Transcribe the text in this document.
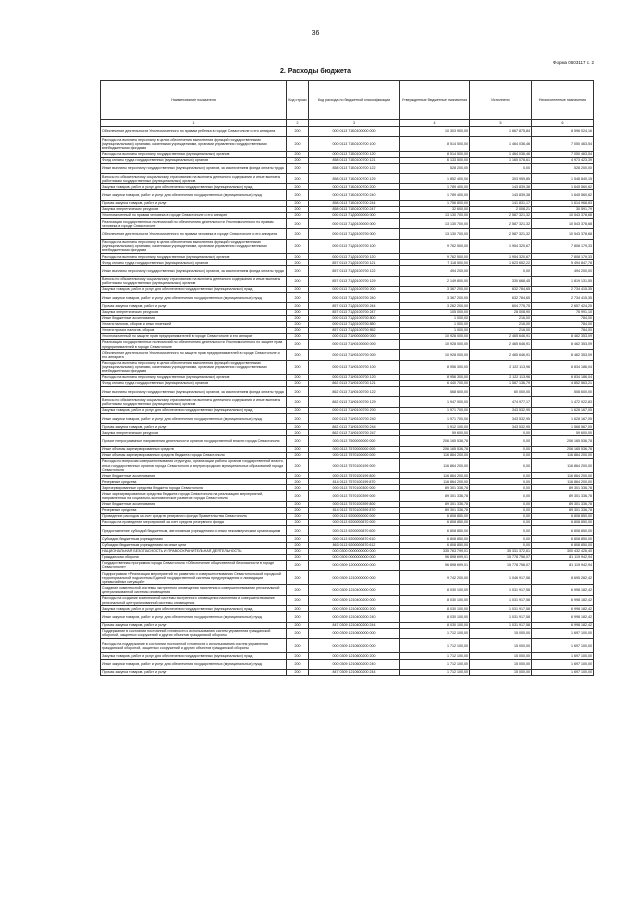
36
Форма 0503117 с. 2
2. Расходы бюджета
Наименование показателя	Код строки	Код расхода по бюджетной классификации	Утвержденные бюджетные назначения	Исполнено	Неисполненные назначения
1	2	3	4	5	6
Обеспечение деятельности Уполномоченного по правам ребенка в городе Севастополе и его аппарата	200	000 0113 71Б0100000 000	10 303 900,00	1 667 875,84	8 596 024,16
Расходы на выплаты персоналу в целях обеспечения выполнения функций государственными (муниципальными) органами, казенными учреждениями, органами управления государственными внебюджетными фондами	200	000 0113 71Б0100700 100	8 514 500,00	1 464 036,46	7 050 463,54
Расходы на выплаты персоналу государственных (муниципальных) органов	200	000 0113 71Б0100700 120	8 514 500,00	1 464 036,46	7 050 463,54
Фонд оплаты труда государственных (муниципальных) органов	200	858 0113 71Б0100700 121	6 133 500,00	1 160 078,61	4 973 423,39
Иные выплаты персоналу государственных (муниципальных) органов, за исключением фонда оплаты труда	200	858 0113 71Б0100700 122	528 200,00	0,00	528 200,00
Взносы по обязательному социальному страхованию на выплаты денежного содержания и иные выплаты работникам государственных (муниципальных) органов	200	858 0113 71Б0100700 129	1 852 400,00	303 959,85	1 548 840,15
Закупка товаров, работ и услуг для обеспечения государственных (муниципальных) нужд	200	000 0113 71Б0100700 200	1 789 400,00	143 839,38	1 645 560,62
Иные закупки товаров, работ и услуг для обеспечения государственных (муниципальных) нужд	200	000 0113 71Б0100700 240	1 789 400,00	143 839,38	1 645 560,62
Прочая закупка товаров, работ и услуг	200	858 0113 71Б0100700 244	1 756 800,00	141 831,17	1 614 968,83
Закупка энергетических ресурсов	200	858 0113 71Б0100700 247	32 600,00	2 008,21	30 591,79
Уполномоченный по правам человека в городе Севастополе и его аппарат	200	000 0113 71Д0000000 000	13 130 700,00	2 587 321,32	10 543 378,68
Реализация государственных полномочий по обеспечению деятельности Уполномоченного по правам человека в городе Севастополе	200	000 0113 71Д0100000 000	13 130 700,00	2 587 321,32	10 543 378,68
Обеспечение деятельности Уполномоченного по правам человека в городе Севастополе и его аппарата	200	000 0113 71Д0100700 000	13 130 700,00	2 587 321,32	10 543 378,68
Расходы на выплаты персоналу в целях обеспечения выполнения функций государственными (муниципальными) органами, казенными учреждениями, органами управления государственными внебюджетными фондами	200	000 0113 71Д0100700 100	9 762 500,00	1 954 320,67	7 808 179,33
Расходы на выплаты персоналу государственных (муниципальных) органов	200	000 0113 71Д0100700 120	9 762 500,00	1 954 320,67	7 808 179,33
Фонд оплаты труда государственных (муниципальных) органов	200	857 0113 71Д0100700 121	7 118 500,00	1 623 652,22	5 494 847,78
Иные выплаты персоналу государственных (муниципальных) органов, за исключением фонда оплаты труда	200	857 0113 71Д0100700 122	494 200,00	0,00	494 200,00
Взносы по обязательному социальному страхованию на выплаты денежного содержания и иные выплаты работникам государственных (муниципальных) органов	200	857 0113 71Д0100700 129	2 149 800,00	330 668,45	1 819 131,55
Закупка товаров, работ и услуг для обеспечения государственных (муниципальных) нужд	200	000 0113 71Д0100700 200	3 367 200,00	632 784,65	2 734 415,35
Иные закупки товаров, работ и услуг для обеспечения государственных (муниципальных) нужд	200	000 0113 71Д0100700 240	3 367 200,00	632 784,65	2 734 415,35
Прочая закупка товаров, работ и услуг	200	857 0113 71Д0100700 244	3 262 200,00	604 775,75	2 657 424,25
Закупка энергетических ресурсов	200	857 0113 71Д0100700 247	105 000,00	28 008,90	76 991,10
Иные бюджетные ассигнования	200	000 0113 71Д0100700 800	1 000,00	216,00	784,00
Уплата налогов, сборов и иных платежей	200	000 0113 71Д0100700 850	1 000,00	216,00	784,00
Уплата прочих налогов, сборов	200	857 0113 71Д0100700 852	1 000,00	216,00	784,00
Уполномоченный по защите прав предпринимателей в городе Севастополе и его аппарат	200	000 0113 71И0000000 000	10 928 000,00	2 465 646,91	8 462 353,09
Реализация государственных полномочий по обеспечению деятельности Уполномоченного по защите прав предпринимателей в городе Севастополе	200	000 0113 71И0100000 000	10 928 000,00	2 465 646,91	8 462 353,09
Обеспечение деятельности Уполномоченного по защите прав предпринимателей в городе Севастополе и его аппарата	200	000 0113 71И0100700 000	10 928 000,00	2 465 646,91	8 462 353,09
Расходы на выплаты персоналу в целях обеспечения выполнения функций государственными (муниципальными) органами, казенными учреждениями, органами управления государственными внебюджетными фондами	200	000 0113 71И0100700 100	8 956 300,00	2 122 113,96	6 834 186,04
Расходы на выплаты персоналу государственных (муниципальных) органов	200	000 0113 71И0100700 120	8 956 300,00	2 122 113,96	6 834 186,04
Фонд оплаты труда государственных (муниципальных) органов	200	862 0113 71И0100700 121	6 440 700,00	1 587 136,79	4 852 563,21
Иные выплаты персоналу государственных (муниципальных) органов, за исключением фонда оплаты труда	200	862 0113 71И0100700 122	568 600,00	60 000,00	508 600,00
Взносы по обязательному социальному страхованию на выплаты денежного содержания и иные выплаты работникам государственных (муниципальных) органов	200	862 0113 71И0100700 129	1 947 000,00	474 977,17	1 472 022,83
Закупка товаров, работ и услуг для обеспечения государственных (муниципальных) нужд	200	000 0113 71И0100700 200	1 971 700,00	343 532,95	1 628 167,05
Иные закупки товаров, работ и услуг для обеспечения государственных (муниципальных) нужд	200	000 0113 71И0100700 240	1 971 700,00	343 532,95	1 628 167,05
Прочая закупка товаров, работ и услуг	200	862 0113 71И0100700 244	1 912 100,00	343 532,95	1 568 567,05
Закупка энергетических ресурсов	200	862 0113 71И0100700 247	59 600,00	0,00	59 600,00
Прочие непрограммные направления деятельности органов государственной власти города Севастополя	200	000 0113 7500000000 000	206 165 536,78	0,00	206 165 536,78
Иные объемы зарезервированных средств	200	000 0113 7570000000 000	206 165 536,78	0,00	206 165 536,78
Иные объемы зарезервированных средств бюджета города Севастополя	200	000 0113 7570100000 000	116 864 200,00	0,00	116 864 200,00
Расходы по вопросам совершенствования структуры, организации работы органов государственной власти, иных государственных органов города Севастополя и внутригородских муниципальных образований города Севастополя	200	000 0113 7570100199 000	116 864 200,00	0,00	116 864 200,00
Иные бюджетные ассигнования	200	000 0113 7570100199 800	116 864 200,00	0,00	116 864 200,00
Резервные средства	200	814 0113 7570100199 870	116 864 200,00	0,00	116 864 200,00
Зарезервированные средства бюджета города Севастополя	200	000 0113 7570100300 000	89 301 336,78	0,00	89 301 336,78
Иные зарезервированные средства бюджета города Севастополя на реализацию мероприятий, направленных на социально-экономическое развитие города Севастополя	200	000 0113 7570100399 000	89 301 336,78	0,00	89 301 336,78
Иные бюджетные ассигнования	200	000 0113 7570100399 800	89 301 336,78	0,00	89 301 336,78
Резервные средства	200	814 0113 7570100399 870	89 301 336,78	0,00	89 301 336,78
Проведение расходов за счет средств резервного фонда Правительства Севастополя	200	000 0113 9200000000 000	6 808 850,00	0,00	6 808 850,00
Расходы на проведение мероприятий за счет средств резервного фонда	200	000 0113 9200000870 000	6 808 850,00	0,00	6 808 850,00
Предоставление субсидий бюджетным, автономным учреждениям и иным некоммерческим организациям	200	000 0113 9200000870 600	6 808 850,00	0,00	6 808 850,00
Субсидии бюджетным учреждениям	200	000 0113 9200000870 610	6 808 850,00	0,00	6 808 850,00
Субсидии бюджетным учреждениям на иные цели	200	863 0113 9200000870 612	6 808 850,00	0,00	6 808 850,00
НАЦИОНАЛЬНАЯ БЕЗОПАСНОСТЬ И ПРАВООХРАНИТЕЛЬНАЯ ДЕЯТЕЛЬНОСТЬ	200	000 0300 0000000000 000	335 763 799,01	35 331 372,61	300 432 426,40
Гражданская оборона	200	000 0309 0000000000 000	96 898 699,01	15 778 756,07	81 119 942,94
Государственная программа города Севастополя «Обеспечение общественной безопасности в городе Севастополе»	200	000 0309 1200000000 000	96 898 699,01	15 778 756,07	81 119 942,94
Подпрограмма «Реализация мероприятий по развитию и совершенствованию Севастопольской городской территориальной подсистемы Единой государственной системы предупреждения и ликвидации чрезвычайных ситуаций»	200	000 0309 1210000000 000	9 742 200,00	1 046 917,58	8 695 282,42
Создание комплексной системы экстренного оповещения населения и совершенствование региональной централизованной системы оповещения	200	000 0309 1210400000 000	8 030 100,00	1 031 917,58	6 998 182,42
Расходы на создание комплексной системы экстренного оповещения населения и совершенствование региональной централизованной системы оповещения	200	000 0309 1210400200 000	8 030 100,00	1 031 917,58	6 998 182,42
Закупка товаров, работ и услуг для обеспечения государственных (муниципальных) нужд	200	000 0309 1210400200 200	8 030 100,00	1 031 917,58	6 998 182,42
Иные закупки товаров, работ и услуг для обеспечения государственных (муниципальных) нужд	200	000 0309 1210400200 240	8 030 100,00	1 031 917,58	6 998 182,42
Прочая закупка товаров, работ и услуг	200	847 0309 1210400200 244	8 030 100,00	1 031 917,58	6 998 182,42
Поддержание в состоянии постоянной готовности к использованию систем управления гражданской обороной, защитных сооружений и других объектов гражданской обороны	200	000 0309 1210600000 000	1 712 100,00	15 000,00	1 697 100,00
Расходы на поддержание в состоянии постоянной готовности к использованию систем управления гражданской обороной, защитных сооружений и других объектов гражданской обороны	200	000 0309 1210600200 000	1 712 100,00	15 000,00	1 697 100,00
Закупка товаров, работ и услуг для обеспечения государственных (муниципальных) нужд	200	000 0309 1210600200 200	1 712 100,00	15 000,00	1 697 100,00
Иные закупки товаров, работ и услуг для обеспечения государственных (муниципальных) нужд	200	000 0309 1210600200 240	1 712 100,00	15 000,00	1 697 100,00
Прочая закупка товаров, работ и услуг	200	847 0309 1210600200 244	1 712 100,00	15 000,00	1 697 100,00
